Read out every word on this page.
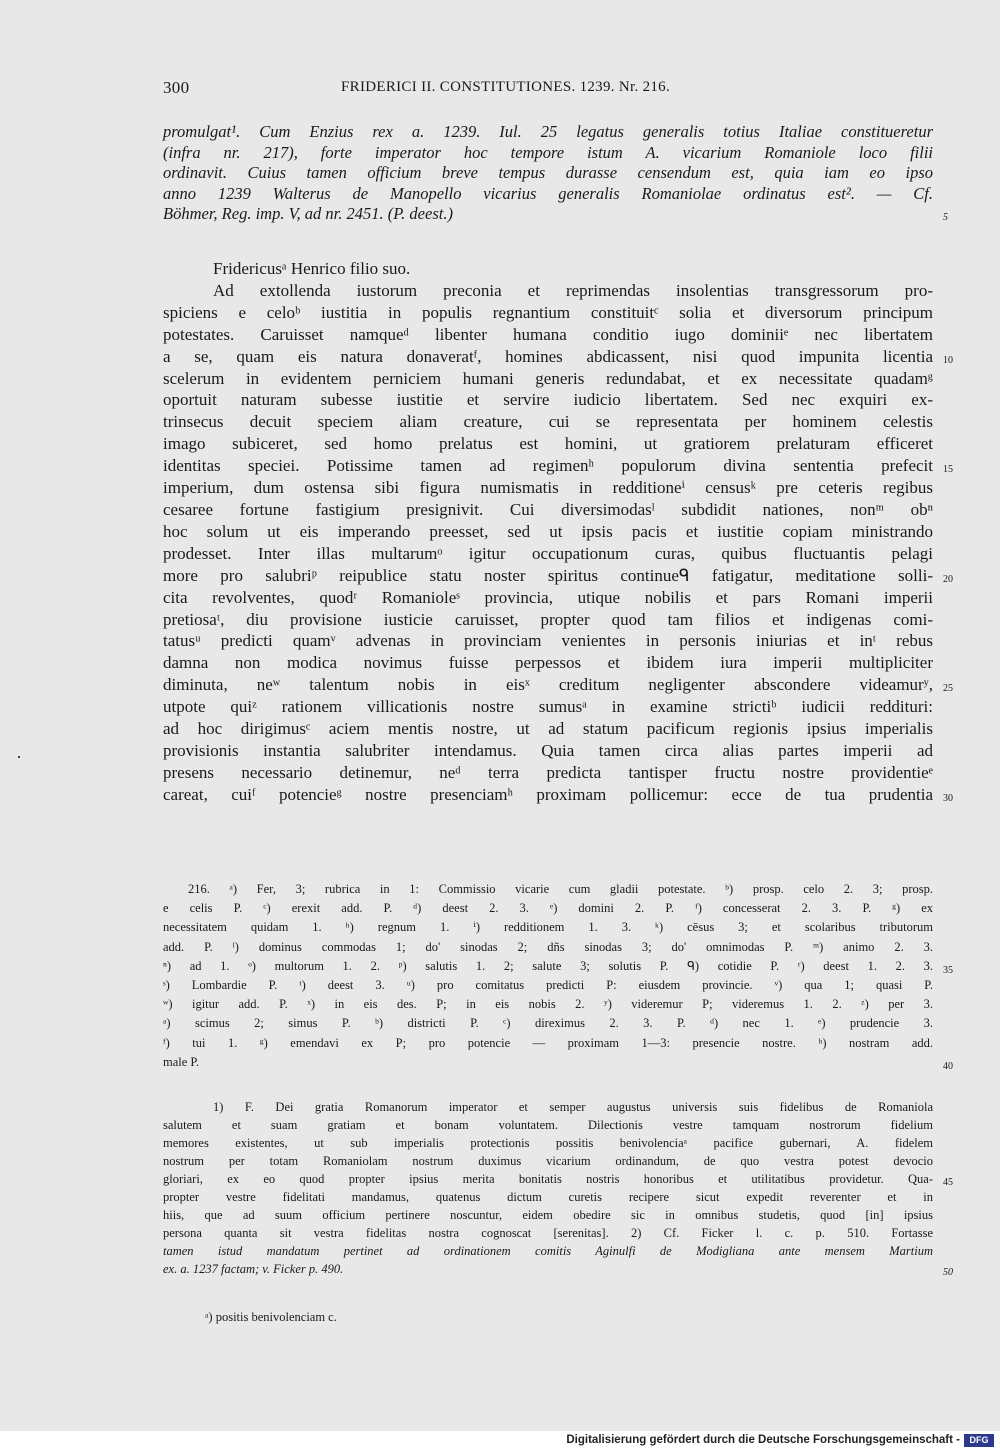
300	FRIDERICI II. CONSTITUTIONES. 1239. Nr. 216.
promulgat¹. Cum Enzius rex a. 1239. Iul. 25 legatus generalis totius Italiae constitueretur
(infra nr. 217), forte imperator hoc tempore istum A. vicarium Romaniole loco filii
ordinavit. Cuius tamen officium breve tempus durasse censendum est, quia iam eo ipso
anno 1239 Walterus de Manopello vicarius generalis Romaniolae ordinatus est². — Cf.
Böhmer, Reg. imp. V, ad nr. 2451. (P. deest.)	5
Fridericusᵃ Henrico filio suo.
Ad extollenda iustorum preconia et reprimendas insolentias transgressorum pro-
spiciens e celoᵇ iustitia in populis regnantium constituitᶜ solia et diversorum principum
potestates. Caruisset namqueᵈ libenter humana conditio iugo dominiiᵉ nec libertatem
a se, quam eis natura donaveratᶠ, homines abdicassent, nisi quod impunita licentia 10
scelerum in evidentem perniciem humani generis redundabat, et ex necessitate quadamᵍ
oportuit naturam subesse iustitie et servire iudicio libertatem. Sed nec exquiri ex-
trinsecus decuit speciem aliam creature, cui se representata per hominem celestis
imago subiceret, sed homo prelatus est homini, ut gratiorem prelaturam efficeret
identitas speciei. Potissime tamen ad regimenʰ populorum divina sententia prefecit 15
imperium, dum ostensa sibi figura numismatis in redditioneⁱ censusᵏ pre ceteris regibus
cesaree fortune fastigium presignivit. Cui diversimodasˡ subdidit nationes, nonᵐ obⁿ
hoc solum ut eis imperando preesset, sed ut ipsis pacis et iustitie copiam ministrando
prodesset. Inter illas multarumᵒ igitur occupationum curas, quibus fluctuantis pelagi
more pro salubriᵖ reipublice statu noster spiritus continueᑫ fatigatur, meditatione solli- 20
cita revolventes, quodʳ Romanioleˢ provincia, utique nobilis et pars Romani imperii
pretiosaᵗ, diu provisione iusticie caruisset, propter quod tam filios et indigenas comi-
tatusᵘ predicti quamᵛ advenas in provinciam venientes in personis iniurias et inᵗ rebus
damna non modica novimus fuisse perpessos et ibidem iura imperii multipliciter
diminuta, neʷ talentum nobis in eisˣ creditum negligenter abscondere videamurʸ, 25
utpote quiᶻ rationem villicationis nostre sumusᵃ in examine strictiᵇ iudicii reddituri:
ad hoc dirigimusᶜ aciem mentis nostre, ut ad statum pacificum regionis ipsius imperialis
provisionis instantia salubriter intendamus. Quia tamen circa alias partes imperii ad
presens necessario detinemur, neᵈ terra predicta tantisper fructu nostre providentieᵉ
careat, cuiᶠ potencieᵍ nostre presenciamʰ proximam pollicemur: ecce de tua prudentia 30
216. ᵃ) Fer, 3; rubrica in 1: Commissio vicarie cum gladii potestate. ᵇ) prosp. celo 2. 3; prosp.
e celis P. ᶜ) erexit add. P. ᵈ) deest 2. 3. ᵉ) domini 2. P. ᶠ) concesserat 2. 3. P. ᵍ) ex
necessitatem quidam 1. ʰ) regnum 1. ⁱ) redditionem 1. 3. ᵏ) cēsus 3; et scolaribus tributorum
add. P. ˡ) dominus commodas 1; do' sinodas 2; dñs sinodas 3; do' omnimodas P. ᵐ) animo 2. 3.
ⁿ) ad 1. ᵒ) multorum 1. 2. ᵖ) salutis 1. 2; salute 3; solutis P. ᑫ) cotidie P. ʳ) deest 1. 2. 3. 35
ˢ) Lombardie P. ᵗ) deest 3. ᵘ) pro comitatus predicti P: eiusdem provincie. ᵛ) qua 1; quasi P.
ʷ) igitur add. P. ˣ) in eis des. P; in eis nobis 2. ʸ) videremur P; videremus 1. 2. ᶻ) per 3.
ᵃ) scimus 2; simus P. ᵇ) districti P. ᶜ) direximus 2. 3. P. ᵈ) nec 1. ᵉ) prudencie 3.
ᶠ) tui 1. ᵍ) emendavi ex P; pro potencie — proximam 1—3: presencie nostre. ʰ) nostram add.
male P.	40
1) F. Dei gratia Romanorum imperator et semper augustus universis suis fidelibus de Romaniola
salutem et suam gratiam et bonam voluntatem. Dilectionis vestre tamquam nostrorum fidelium
memores existentes, ut sub imperialis protectionis possitis benivolenciaᵃ pacifice gubernari, A. fidelem
nostrum per totam Romaniolam nostrum duximus vicarium ordinandum, de quo vestra potest devocio
gloriari, ex eo quod propter ipsius merita bonitatis nostris honoribus et utilitatibus providetur. Qua- 45
propter vestre fidelitati mandamus, quatenus dictum curetis recipere sicut expedit reverenter et in
hiis, que ad suum officium pertinere noscuntur, eidem obedire sic in omnibus studetis, quod [in] ipsius
persona quanta sit vestra fidelitas nostra cognoscat [serenitas]. 2) Cf. Ficker l. c. p. 510. Fortasse
tamen istud mandatum pertinet ad ordinationem comitis Aginulfi de Modigliana ante mensem Martium
ex. a. 1237 factam; v. Ficker p. 490.	50
ᵃ) positis benivolenciam c.
Digitalisierung gefördert durch die Deutsche Forschungsgemeinschaft -	DFG
